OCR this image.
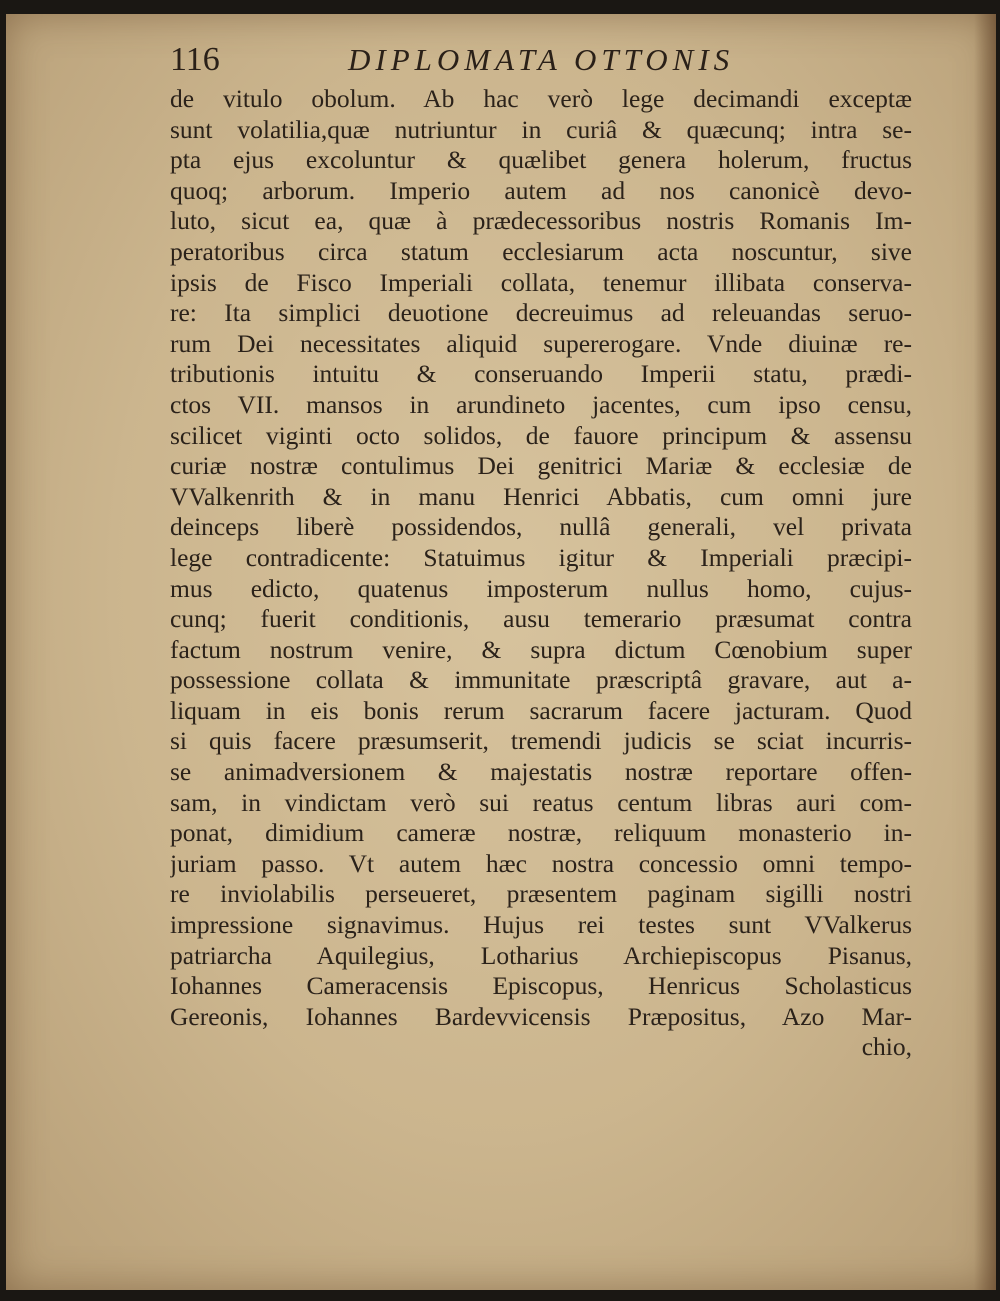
116	DIPLOMATA OTTONIS
de vitulo obolum. Ab hac verò lege decimandi exceptæ
sunt volatilia,quæ nutriuntur in curiâ & quæcunq; intra se-
pta ejus excoluntur & quælibet genera holerum, fructus
quoq; arborum. Imperio autem ad nos canonicè devo-
luto, sicut ea, quæ à prædecessoribus nostris Romanis Im-
peratoribus circa statum ecclesiarum acta noscuntur, sive
ipsis de Fisco Imperiali collata, tenemur illibata conserva-
re: Ita simplici deuotione decreuimus ad releuandas seruo-
rum Dei necessitates aliquid supererogare. Vnde diuinæ re-
tributionis intuitu & conseruando Imperii statu, prædi-
ctos VII. mansos in arundineto jacentes, cum ipso censu,
scilicet viginti octo solidos, de fauore principum & assensu
curiæ nostræ contulimus Dei genitrici Mariæ & ecclesiæ de
VValkenrith & in manu Henrici Abbatis, cum omni jure
deinceps liberè possidendos, nullâ generali, vel privata
lege contradicente: Statuimus igitur & Imperiali præcipi-
mus edicto, quatenus imposterum nullus homo, cujus-
cunq; fuerit conditionis, ausu temerario præsumat contra
factum nostrum venire, & supra dictum Cœnobium super
possessione collata & immunitate præscriptâ gravare, aut a-
liquam in eis bonis rerum sacrarum facere jacturam. Quod
si quis facere præsumserit, tremendi judicis se sciat incurris-
se animadversionem & majestatis nostræ reportare offen-
sam, in vindictam verò sui reatus centum libras auri com-
ponat, dimidium cameræ nostræ, reliquum monasterio in-
juriam passo. Vt autem hæc nostra concessio omni tempo-
re inviolabilis perseueret, præsentem paginam sigilli nostri
impressione signavimus. Hujus rei testes sunt VValkerus
patriarcha Aquilegius, Lotharius Archiepiscopus Pisanus,
Iohannes Cameracensis Episcopus, Henricus Scholasticus
Gereonis, Iohannes Bardevvicensis Præpositus, Azo Mar-
chio,
